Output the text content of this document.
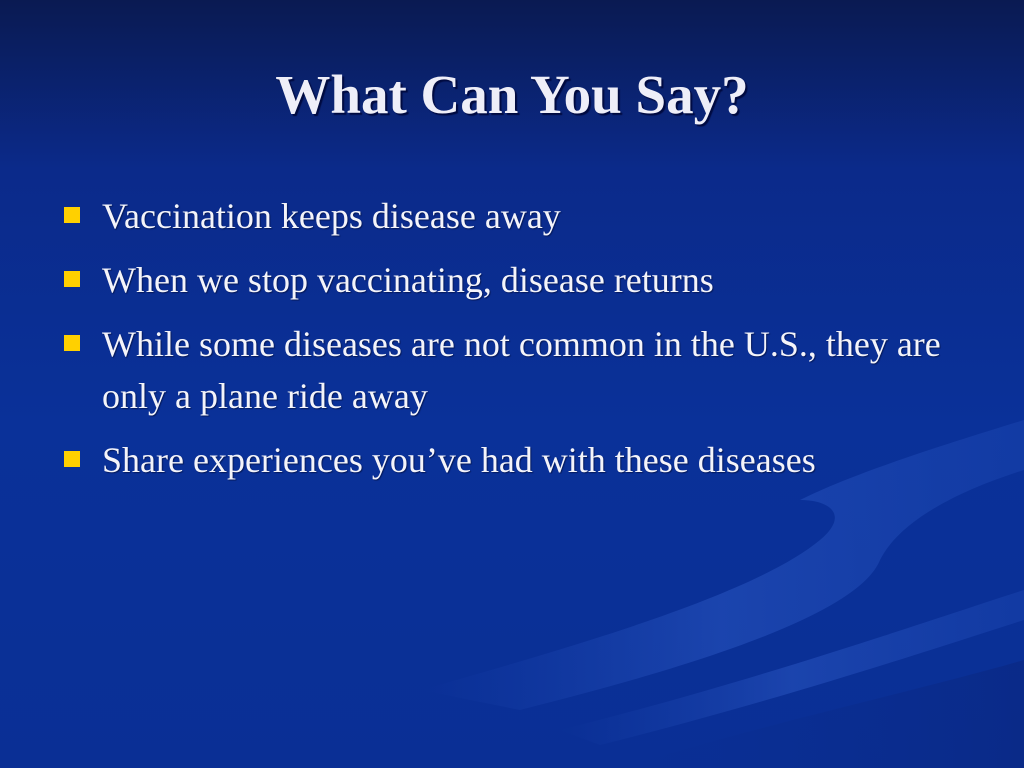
What Can You Say?
Vaccination keeps disease away
When we stop vaccinating, disease returns
While some diseases are not common in the U.S., they are only a plane ride away
Share experiences you’ve had with these diseases
